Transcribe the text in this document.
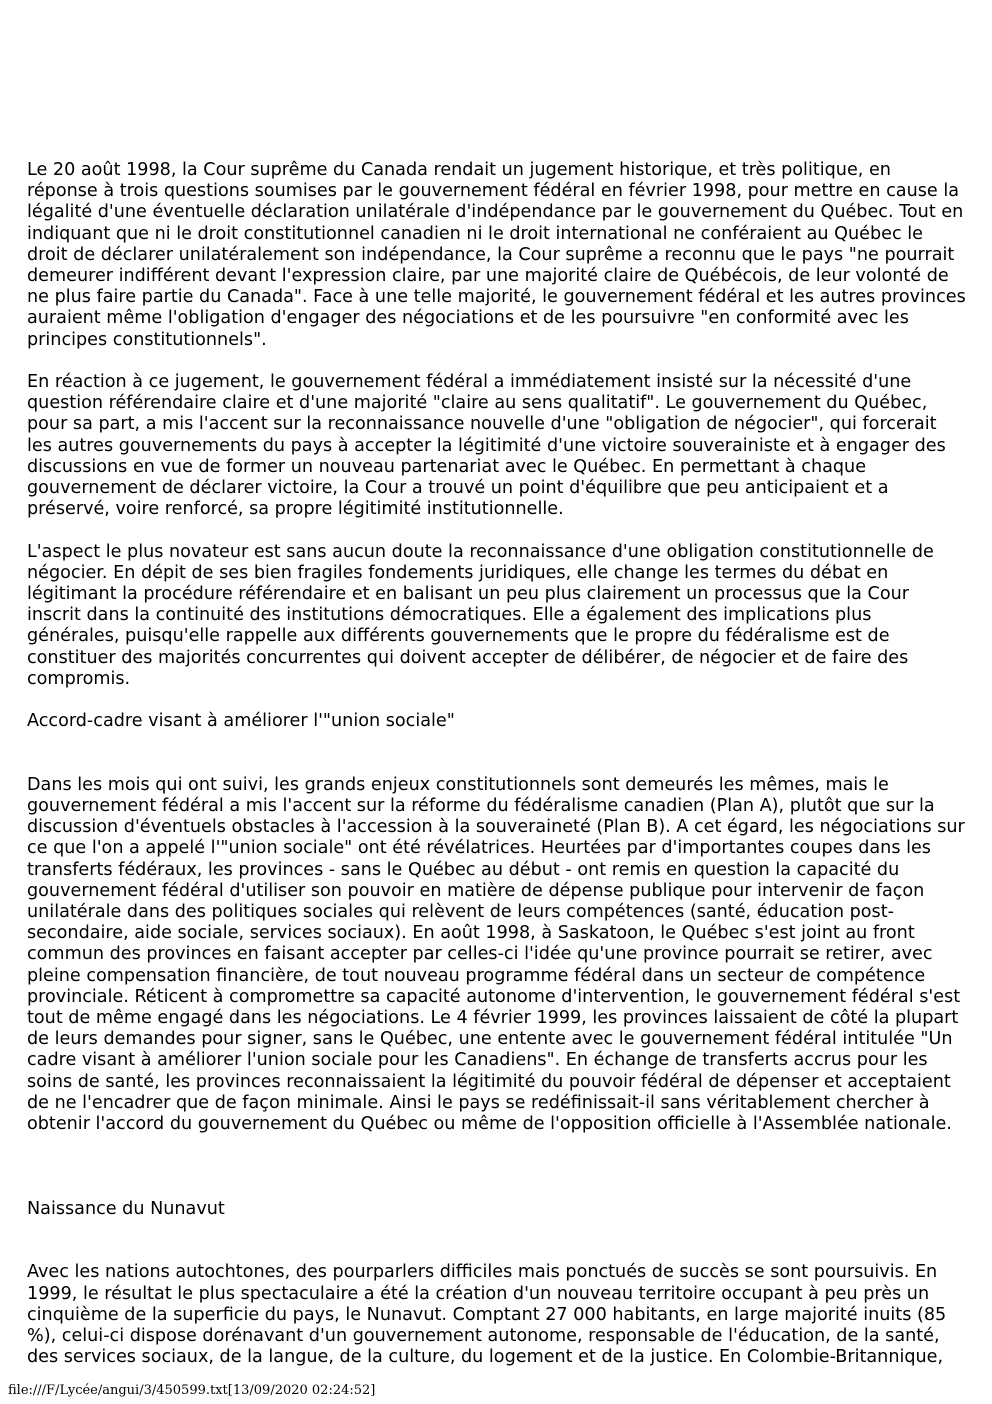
Le 20 août 1998, la Cour suprême du Canada rendait un jugement historique, et très politique, en réponse à trois questions soumises par le gouvernement fédéral en février 1998, pour mettre en cause la légalité d'une éventuelle déclaration unilatérale d'indépendance par le gouvernement du Québec. Tout en indiquant que ni le droit constitutionnel canadien ni le droit international ne conféraient au Québec le droit de déclarer unilatéralement son indépendance, la Cour suprême a reconnu que le pays "ne pourrait demeurer indifférent devant l'expression claire, par une majorité claire de Québécois, de leur volonté de ne plus faire partie du Canada". Face à une telle majorité, le gouvernement fédéral et les autres provinces auraient même l'obligation d'engager des négociations et de les poursuivre "en conformité avec les principes constitutionnels".

En réaction à ce jugement, le gouvernement fédéral a immédiatement insisté sur la nécessité d'une question référendaire claire et d'une majorité "claire au sens qualitatif". Le gouvernement du Québec, pour sa part, a mis l'accent sur la reconnaissance nouvelle d'une "obligation de négocier", qui forcerait les autres gouvernements du pays à accepter la légitimité d'une victoire souverainiste et à engager des discussions en vue de former un nouveau partenariat avec le Québec. En permettant à chaque gouvernement de déclarer victoire, la Cour a trouvé un point d'équilibre que peu anticipaient et a préservé, voire renforcé, sa propre légitimité institutionnelle.

L'aspect le plus novateur est sans aucun doute la reconnaissance d'une obligation constitutionnelle de négocier. En dépit de ses bien fragiles fondements juridiques, elle change les termes du débat en légitimant la procédure référendaire et en balisant un peu plus clairement un processus que la Cour inscrit dans la continuité des institutions démocratiques. Elle a également des implications plus générales, puisqu'elle rappelle aux différents gouvernements que le propre du fédéralisme est de constituer des majorités concurrentes qui doivent accepter de délibérer, de négocier et de faire des compromis.

Accord-cadre visant à améliorer l'"union sociale"

Dans les mois qui ont suivi, les grands enjeux constitutionnels sont demeurés les mêmes, mais le gouvernement fédéral a mis l'accent sur la réforme du fédéralisme canadien (Plan A), plutôt que sur la discussion d'éventuels obstacles à l'accession à la souveraineté (Plan B). A cet égard, les négociations sur ce que l'on a appelé l'"union sociale" ont été révélatrices. Heurtées par d'importantes coupes dans les transferts fédéraux, les provinces - sans le Québec au début - ont remis en question la capacité du gouvernement fédéral d'utiliser son pouvoir en matière de dépense publique pour intervenir de façon unilatérale dans des politiques sociales qui relèvent de leurs compétences (santé, éducation post-secondaire, aide sociale, services sociaux). En août 1998, à Saskatoon, le Québec s'est joint au front commun des provinces en faisant accepter par celles-ci l'idée qu'une province pourrait se retirer, avec pleine compensation financière, de tout nouveau programme fédéral dans un secteur de compétence provinciale. Réticent à compromettre sa capacité autonome d'intervention, le gouvernement fédéral s'est tout de même engagé dans les négociations. Le 4 février 1999, les provinces laissaient de côté la plupart de leurs demandes pour signer, sans le Québec, une entente avec le gouvernement fédéral intitulée "Un cadre visant à améliorer l'union sociale pour les Canadiens". En échange de transferts accrus pour les soins de santé, les provinces reconnaissaient la légitimité du pouvoir fédéral de dépenser et acceptaient de ne l'encadrer que de façon minimale. Ainsi le pays se redéfinissait-il sans véritablement chercher à obtenir l'accord du gouvernement du Québec ou même de l'opposition officielle à l'Assemblée nationale.

Naissance du Nunavut

Avec les nations autochtones, des pourparlers difficiles mais ponctués de succès se sont poursuivis. En 1999, le résultat le plus spectaculaire a été la création d'un nouveau territoire occupant à peu près un cinquième de la superficie du pays, le Nunavut. Comptant 27 000 habitants, en large majorité inuits (85 %), celui-ci dispose dorénavant d'un gouvernement autonome, responsable de l'éducation, de la santé, des services sociaux, de la langue, de la culture, du logement et de la justice. En Colombie-Britannique,

file:///F/Lycée/angui/3/450599.txt[13/09/2020 02:24:52]
